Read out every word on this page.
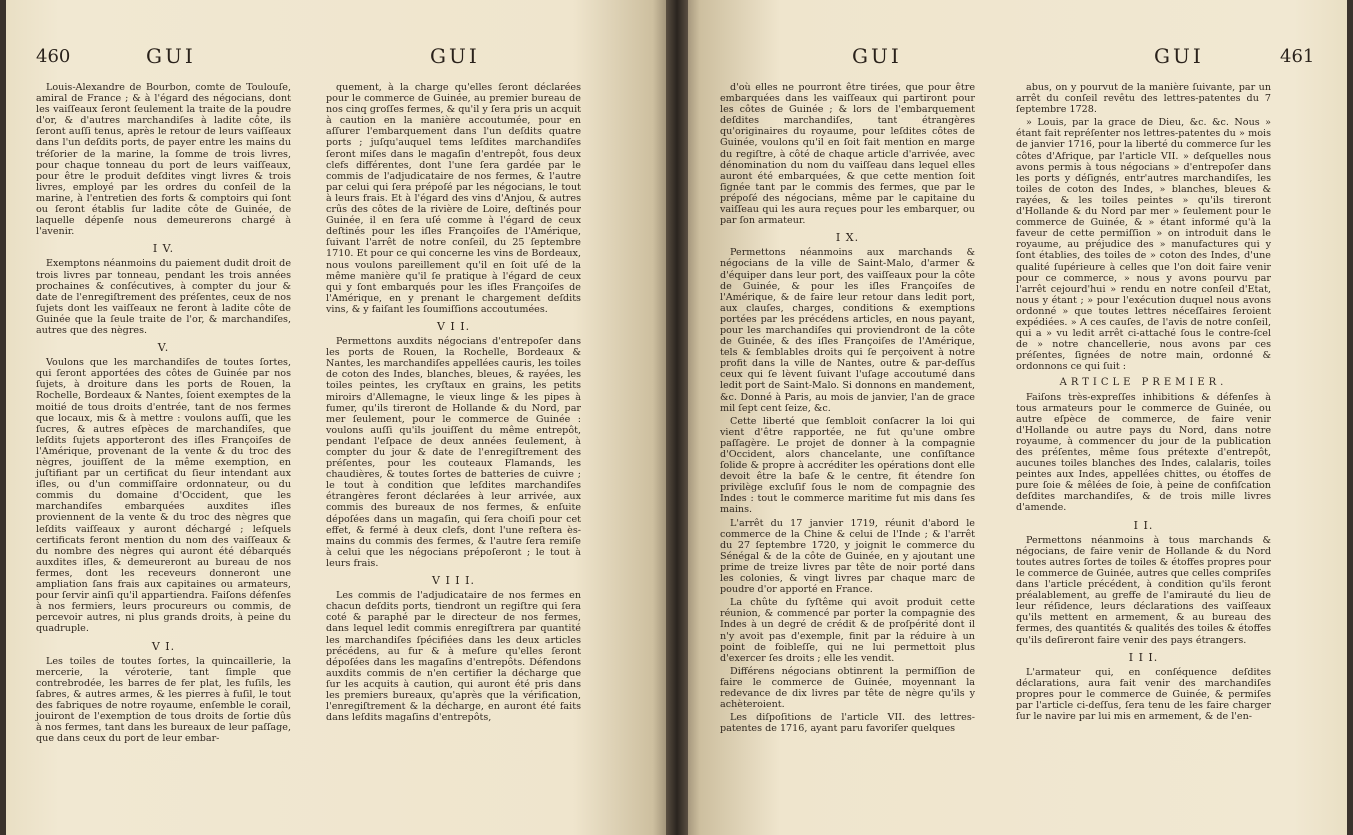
460	GUI	GUI

Louis-Alexandre de Bourbon, comte de Toulouſe, amiral de France ; & à l'égard des négocians, dont les vaiſſeaux ſeront ſeulement la traite de la poudre d'or, & d'autres marchandiſes à ladite côte, ils ſeront auſſi tenus, après le retour de leurs vaiſſeaux dans l'un deſdits ports, de payer entre les mains du tréſorier de la marine, la ſomme de trois livres, pour chaque tonneau du port de leurs vaiſſeaux, pour être le produit deſdites vingt livres & trois livres, employé par les ordres du conſeil de la marine, à l'entretien des forts & comptoirs qui ſont ou ſeront établis ſur ladite côte de Guinée, de laquelle dépenſe nous demeurerons chargé à l'avenir.

I V.

Exemptons néanmoins du paiement dudit droit de trois livres par tonneau, pendant les trois années prochaines & conſécutives, à compter du jour & date de l'enregiſtrement des préſentes, ceux de nos ſujets dont les vaiſſeaux ne feront à ladite côte de Guinée que la ſeule traite de l'or, & marchandiſes, autres que des nègres.

V.

Voulons que les marchandiſes de toutes ſortes, qui ſeront apportées des côtes de Guinée par nos ſujets, à droiture dans les ports de Rouen, la Rochelle, Bordeaux & Nantes, ſoient exemptes de la moitié de tous droits d'entrée, tant de nos fermes que locaux, mis & à mettre : voulons auſſi, que les ſucres, & autres eſpèces de marchandiſes, que leſdits ſujets apporteront des iſles Françoiſes de l'Amérique, provenant de la vente & du troc des nègres, jouiſſent de la même exemption, en juſtifiant par un certificat du ſieur intendant aux iſles, ou d'un commiſſaire ordonnateur, ou du commis du domaine d'Occident, que les marchandiſes embarquées auxdites iſles proviennent de la vente & du troc des nègres que leſdits vaiſſeaux y auront déchargé ; leſquels certificats feront mention du nom des vaiſſeaux & du nombre des nègres qui auront été débarqués auxdites iſles, & demeureront au bureau de nos fermes, dont les receveurs donneront une ampliation ſans frais aux capitaines ou armateurs, pour ſervir ainſi qu'il appartiendra. Faiſons défenſes à nos fermiers, leurs procureurs ou commis, de percevoir autres, ni plus grands droits, à peine du quadruple.

V I.

Les toiles de toutes ſortes, la quincaillerie, la mercerie, la véroterie, tant ſimple que contrebrodée, les barres de fer plat, les fuſils, les ſabres, & autres armes, & les pierres à fuſil, le tout des fabriques de notre royaume, enſemble le corail, jouiront de l'exemption de tous droits de ſortie dûs à nos fermes, tant dans les bureaux de leur paſſage, que dans ceux du port de leur embar-

quement, à la charge qu'elles ſeront déclarées pour le commerce de Guinée, au premier bureau de nos cinq groſſes fermes, & qu'il y ſera pris un acquit à caution en la manière accoutumée, pour en aſſurer l'embarquement dans l'un deſdits quatre ports ; juſqu'auquel tems leſdites marchandiſes ſeront miſes dans le magaſin d'entrepôt, fous deux clefs différentes, dont l'une ſera gardée par le commis de l'adjudicataire de nos fermes, & l'autre par celui qui ſera prépoſé par les négocians, le tout à leurs frais. Et à l'égard des vins d'Anjou, & autres crûs des côtes de la rivière de Loire, deſtinés pour Guinée, il en ſera uſé comme à l'égard de ceux deſtinés pour les iſles Françoiſes de l'Amérique, ſuivant l'arrêt de notre conſeil, du 25 ſeptembre 1710. Et pour ce qui concerne les vins de Bordeaux, nous voulons pareillement qu'il en ſoit uſé de la même manière qu'il ſe pratique à l'égard de ceux qui y ſont embarqués pour les iſles Françoiſes de l'Amérique, en y prenant le chargement deſdits vins, & y faiſant les ſoumiſſions accoutumées.

V I I.

Permettons auxdits négocians d'entrepoſer dans les ports de Rouen, la Rochelle, Bordeaux & Nantes, les marchandiſes appellées cauris, les toiles de coton des Indes, blanches, bleues, & rayées, les toiles peintes, les cryſtaux en grains, les petits miroirs d'Allemagne, le vieux linge & les pipes à fumer, qu'ils tireront de Hollande & du Nord, par mer ſeulement, pour le commerce de Guinée : voulons auſſi qu'ils jouiſſent du même entrepôt, pendant l'eſpace de deux années ſeulement, à compter du jour & date de l'enregiſtrement des préſentes, pour les couteaux Flamands, les chaudières, & toutes ſortes de batteries de cuivre ; le tout à condition que leſdites marchandiſes étrangères feront déclarées à leur arrivée, aux commis des bureaux de nos fermes, & enſuite dépoſées dans un magaſin, qui ſera choiſi pour cet effet, & fermé à deux clefs, dont l'une reſtera ès-mains du commis des fermes, & l'autre ſera remiſe à celui que les négocians prépoſeront ; le tout à leurs frais.

V I I I.

Les commis de l'adjudicataire de nos fermes en chacun deſdits ports, tiendront un regiſtre qui ſera coté & paraphé par le directeur de nos fermes, dans lequel ledit commis enregiſtrera par quantité les marchandiſes ſpécifiées dans les deux articles précédens, au fur & à meſure qu'elles ſeront dépoſées dans les magaſins d'entrepôts. Défendons auxdits commis de n'en certifier la décharge que ſur les acquits à caution, qui auront été pris dans les premiers bureaux, qu'après que la vérification, l'enregiſtrement & la décharge, en auront été faits dans leſdits magaſins d'entrepôts,

GUI	GUI	461

d'où elles ne pourront être tirées, que pour être embarquées dans les vaiſſeaux qui partiront pour les côtes de Guinée ; & lors de l'embarquement deſdites marchandiſes, tant étrangères qu'originaires du royaume, pour leſdites côtes de Guinée, voulons qu'il en ſoit fait mention en marge du regiſtre, à côté de chaque article d'arrivée, avec dénomination du nom du vaiſſeau dans lequel elles auront été embarquées, & que cette mention ſoit ſignée tant par le commis des fermes, que par le prépoſé des négocians, même par le capitaine du vaiſſeau qui les aura reçues pour les embarquer, ou par ſon armateur.

I X.

Permettons néanmoins aux marchands & négocians de la ville de Saint-Malo, d'armer & d'équiper dans leur port, des vaiſſeaux pour la côte de Guinée, & pour les iſles Françoiſes de l'Amérique, & de faire leur retour dans ledit port, aux clauſes, charges, conditions & exemptions portées par les précédens articles, en nous payant, pour les marchandiſes qui proviendront de la côte de Guinée, & des iſles Françoiſes de l'Amérique, tels & ſemblables droits qui ſe perçoivent à notre profit dans la ville de Nantes, outre & par-deſſus ceux qui ſe lèvent ſuivant l'uſage accoutumé dans ledit port de Saint-Malo. Si donnons en mandement, &c. Donné à Paris, au mois de janvier, l'an de grace mil ſept cent ſeize, &c.

Cette liberté que ſembloit conſacrer la loi qui vient d'être rapportée, ne fut qu'une ombre paſſagère. Le projet de donner à la compagnie d'Occident, alors chancelante, une conſiſtance ſolide & propre à accréditer les opérations dont elle devoit être la baſe & le centre, fit étendre ſon privilège excluſif ſous le nom de compagnie des Indes : tout le commerce maritime fut mis dans ſes mains.

L'arrêt du 17 janvier 1719, réunit d'abord le commerce de la Chine & celui de l'Inde ; & l'arrêt du 27 ſeptembre 1720, y joignit le commerce du Sénégal & de la côte de Guinée, en y ajoutant une prime de treize livres par tête de noir porté dans les colonies, & vingt livres par chaque marc de poudre d'or apporté en France.

La chûte du ſyſtême qui avoit produit cette réunion, & commencé par porter la compagnie des Indes à un degré de crédit & de proſpérité dont il n'y avoit pas d'exemple, finit par la réduire à un point de foibleſſe, qui ne lui permettoit plus d'exercer ſes droits ; elle les vendit.

Différens négocians obtinrent la permiſſion de faire le commerce de Guinée, moyennant la redevance de dix livres par tête de nègre qu'ils y achèteroient.

Les diſpoſitions de l'article VII. des lettres-patentes de 1716, ayant paru favoriſer quelques

abus, on y pourvut de la manière ſuivante, par un arrêt du conſeil revêtu des lettres-patentes du 7 ſeptembre 1728.

» Louis, par la grace de Dieu, &c. &c. Nous » étant fait repréſenter nos lettres-patentes du » mois de janvier 1716, pour la liberté du commerce ſur les côtes d'Afrique, par l'article VII. » deſquelles nous avons permis à tous négocians » d'entrepoſer dans les ports y déſignés, entr'autres marchandiſes, les toiles de coton des Indes, » blanches, bleues & rayées, & les toiles peintes » qu'ils tireront d'Hollande & du Nord par mer » ſeulement pour le commerce de Guinée, & » étant informé qu'à la faveur de cette permiſſion » on introduit dans le royaume, au préjudice des » manufactures qui y ſont établies, des toiles de » coton des Indes, d'une qualité ſupérieure à celles que l'on doit faire venir pour ce commerce, » nous y avons pourvu par l'arrêt cejourd'hui » rendu en notre conſeil d'Etat, nous y étant ; » pour l'exécution duquel nous avons ordonné » que toutes lettres néceſſaires ſeroient expédiées. » A ces cauſes, de l'avis de notre conſeil, qui a » vu ledit arrêt ci-attaché ſous le contre-ſcel de » notre chancellerie, nous avons par ces préſentes, ſignées de notre main, ordonné & ordonnons ce qui ſuit :

ARTICLE PREMIER.

Faiſons très-expreſſes inhibitions & défenſes à tous armateurs pour le commerce de Guinée, ou autre eſpèce de commerce, de faire venir d'Hollande ou autre pays du Nord, dans notre royaume, à commencer du jour de la publication des préſentes, même ſous prétexte d'entrepôt, aucunes toiles blanches des Indes, calalaris, toiles peintes aux Indes, appellées chittes, ou étoffes de pure ſoie & mêlées de ſoie, à peine de confiſcation deſdites marchandiſes, & de trois mille livres d'amende.

I I.

Permettons néanmoins à tous marchands & négocians, de faire venir de Hollande & du Nord toutes autres ſortes de toiles & étoffes propres pour le commerce de Guinée, autres que celles compriſes dans l'article précédent, à condition qu'ils feront préalablement, au greffe de l'amirauté du lieu de leur réſidence, leurs déclarations des vaiſſeaux qu'ils mettent en armement, & au bureau des fermes, des quantités & qualités des toiles & étoffes qu'ils deſireront faire venir des pays étrangers.

I I I.

L'armateur qui, en conſéquence deſdites déclarations, aura fait venir des marchandiſes propres pour le commerce de Guinée, & permiſes par l'article ci-deſſus, ſera tenu de les faire charger ſur le navire par lui mis en armement, & de l'en-
